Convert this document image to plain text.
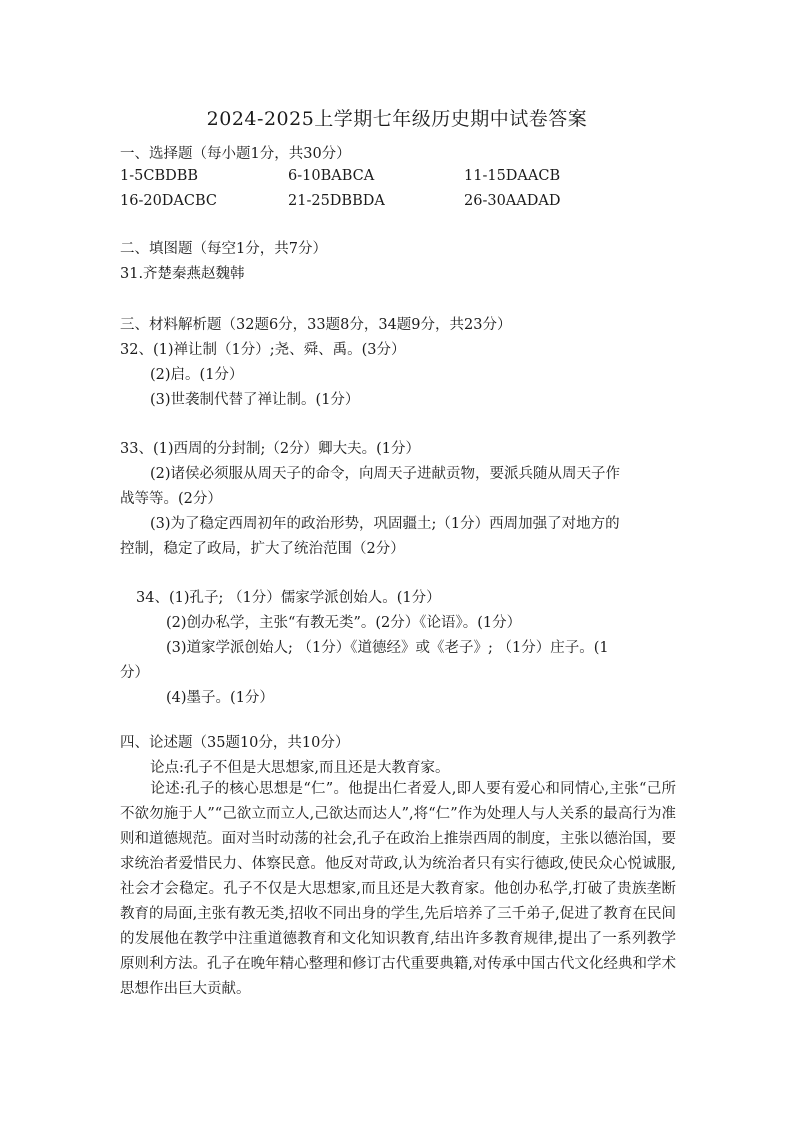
2024-2025上学期七年级历史期中试卷答案
一、选择题（每小题1分，共30分）
1-5CBDBB	6-10BABCA	11-15DAACB
16-20DACBC	21-25DBBDA	26-30AADAD
二、填图题（每空1分，共7分）
31.齐楚秦燕赵魏韩
三、材料解析题（32题6分，33题8分，34题9分，共23分）
32、(1)禅让制（1分）;尧、舜、禹。(3分）
(2)启。(1分）
(3)世袭制代替了禅让制。(1分）
33、(1)西周的分封制;（2分）卿大夫。(1分）
(2)诸侯必须服从周天子的命令，向周天子进献贡物，要派兵随从周天子作
战等等。(2分）
(3)为了稳定西周初年的政治形势，巩固疆土;（1分）西周加强了对地方的
控制，稳定了政局，扩大了统治范围（2分）
34、(1)孔子; （1分）儒家学派创始人。(1分）
(2)创办私学，主张“有教无类”。(2分）《论语》。(1分）
(3)道家学派创始人; （1分）《道德经》或《老子》; （1分）庄子。(1
分）
(4)墨子。(1分）
四、论述题（35题10分，共10分）
论点:孔子不但是大思想家,而且还是大教育家。
论述:孔子的核心思想是“仁”。他提出仁者爱人,即人要有爱心和同情心,主张“己所不欲勿施于人”“己欲立而立人,己欲达而达人”,将“仁”作为处理人与人关系的最高行为准则和道德规范。面对当时动荡的社会,孔子在政治上推崇西周的制度，主张以德治国，要求统治者爱惜民力、体察民意。他反对苛政,认为统治者只有实行德政,使民众心悦诚服,社会才会稳定。孔子不仅是大思想家,而且还是大教育家。他创办私学,打破了贵族垄断教育的局面,主张有教无类,招收不同出身的学生,先后培养了三千弟子,促进了教育在民间的发展他在教学中注重道德教育和文化知识教育,结出许多教育规律,提出了一系列教学原则利方法。孔子在晚年精心整理和修订古代重要典籍,对传承中国古代文化经典和学术思想作出巨大贡献。
